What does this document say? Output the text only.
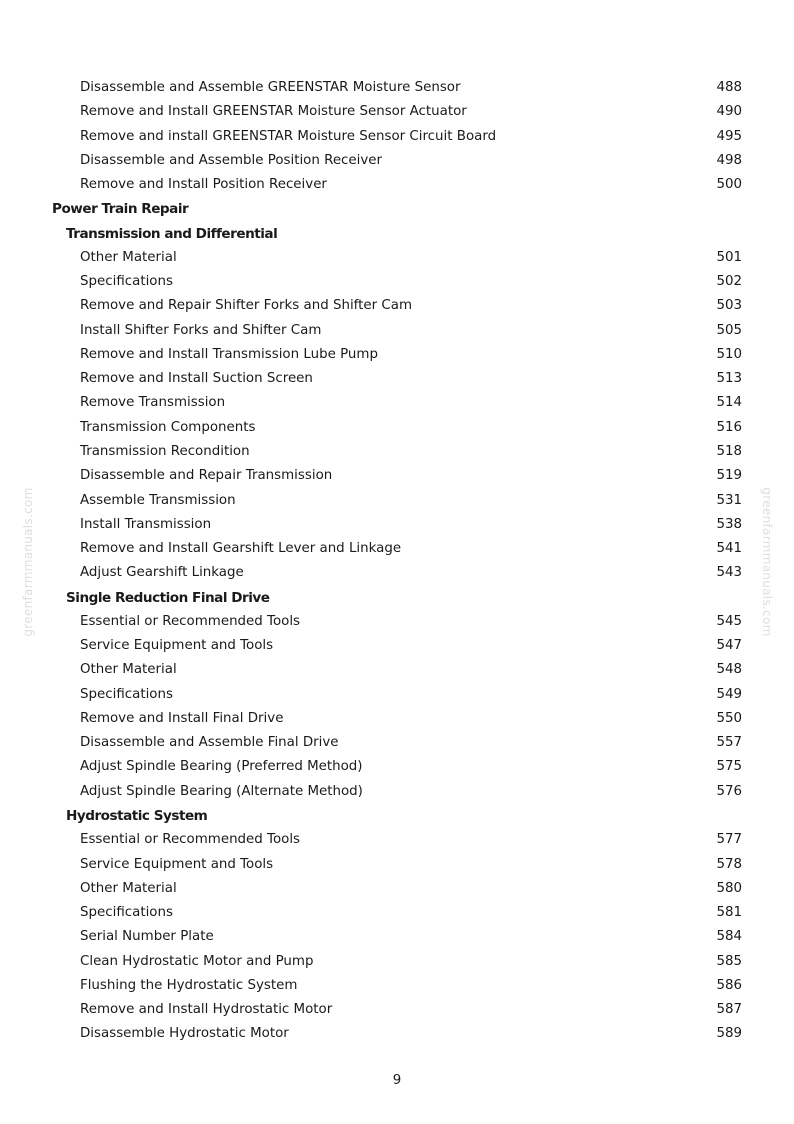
greenfarmmanuals.com	greenfarmmanuals.com
Disassemble and Assemble GREENSTAR Moisture Sensor	488
Remove and Install GREENSTAR Moisture Sensor Actuator	490
Remove and install GREENSTAR Moisture Sensor Circuit Board	495
Disassemble and Assemble Position Receiver	498
Remove and Install Position Receiver	500
Power Train Repair
Transmission and Differential
Other Material	501
Specifications	502
Remove and Repair Shifter Forks and Shifter Cam	503
Install Shifter Forks and Shifter Cam	505
Remove and Install Transmission Lube Pump	510
Remove and Install Suction Screen	513
Remove Transmission	514
Transmission Components	516
Transmission Recondition	518
Disassemble and Repair Transmission	519
Assemble Transmission	531
Install Transmission	538
Remove and Install Gearshift Lever and Linkage	541
Adjust Gearshift Linkage	543
Single Reduction Final Drive
Essential or Recommended Tools	545
Service Equipment and Tools	547
Other Material	548
Specifications	549
Remove and Install Final Drive	550
Disassemble and Assemble Final Drive	557
Adjust Spindle Bearing (Preferred Method)	575
Adjust Spindle Bearing (Alternate Method)	576
Hydrostatic System
Essential or Recommended Tools	577
Service Equipment and Tools	578
Other Material	580
Specifications	581
Serial Number Plate	584
Clean Hydrostatic Motor and Pump	585
Flushing the Hydrostatic System	586
Remove and Install Hydrostatic Motor	587
Disassemble Hydrostatic Motor	589
9
